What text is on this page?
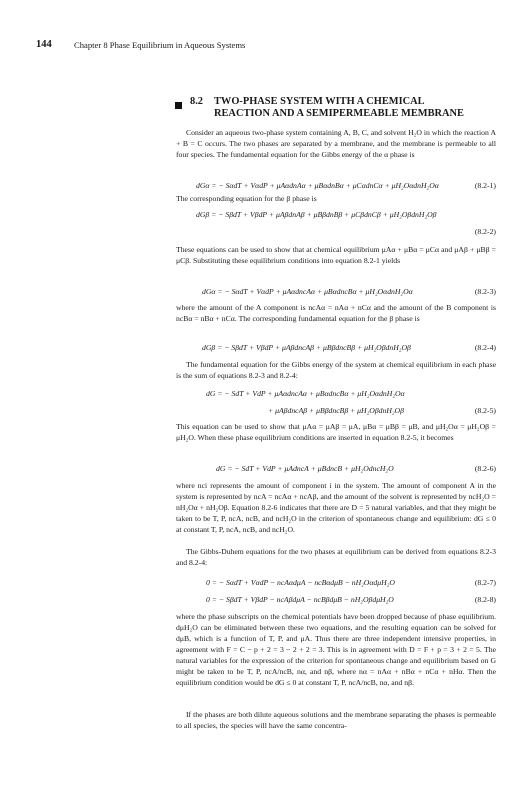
144	Chapter 8 Phase Equilibrium in Aqueous Systems
8.2 TWO-PHASE SYSTEM WITH A CHEMICAL
REACTION AND A SEMIPERMEABLE MEMBRANE

Consider an aqueous two-phase system containing A, B, C, and solvent H₂O in which the reaction A + B = C occurs. The two phases are separated by a membrane, and the membrane is permeable to all four species. The fundamental equation for the Gibbs energy of the α phase is

dGα = − SαdT + VαdP + μAαdnAα + μBαdnBα + μCαdnCα + μH₂OαdnH₂Oα	(8.2-1)

The corresponding equation for the β phase is

dGβ = − SβdT + VβdP + μAβdnAβ + μBβdnBβ + μCβdnCβ + μH₂OβdnH₂Oβ
(8.2-2)

These equations can be used to show that at chemical equilibrium μAα + μBα = μCα and μAβ + μBβ = μCβ. Substituting these equilibrium conditions into equation 8.2-1 yields

dGα = − SαdT + VαdP + μAαdncAα + μBαdncBα + μH₂OαdnH₂Oα	(8.2-3)

where the amount of the A component is ncAα = nAα + nCα and the amount of the B component is ncBα = nBα + nCα. The corresponding fundamental equation for the β phase is

dGβ = − SβdT + VβdP + μAβdncAβ + μBβdncBβ + μH₂OβdnH₂Oβ	(8.2-4)

The fundamental equation for the Gibbs energy of the system at chemical equilibrium in each phase is the sum of equations 8.2-3 and 8.2-4:

dG = − SdT + VdP + μAαdncAα + μBαdncBα + μH₂OαdnH₂Oα
+ μAβdncAβ + μBβdncBβ + μH₂OβdnH₂Oβ	(8.2-5)

This equation can be used to show that μAα = μAβ = μA, μBα = μBβ = μB, and μH₂Oα = μH₂Oβ = μH₂O. When these phase equilibrium conditions are inserted in equation 8.2-5, it becomes

dG = − SdT + VdP + μAdncA + μBdncB + μH₂OdncH₂O	(8.2-6)

where nci represents the amount of component i in the system. The amount of component A in the system is represented by ncA = ncAα + ncAβ, and the amount of the solvent is represented by ncH₂O = nH₂Oα + nH₂Oβ. Equation 8.2-6 indicates that there are D = 5 natural variables, and that they might be taken to be T, P, ncA, ncB, and ncH₂O in the criterion of spontaneous change and equilibrium: dG ≤ 0 at constant T, P, ncA, ncB, and ncH₂O.

The Gibbs-Duhem equations for the two phases at equilibrium can be derived from equations 8.2-3 and 8.2-4:

0 = − SαdT + VαdP − ncAαdμA − ncBαdμB − nH₂OαdμH₂O	(8.2-7)
0 = − SβdT + VβdP − ncAβdμA − ncBβdμB − nH₂OβdμH₂O	(8.2-8)

where the phase subscripts on the chemical potentials have been dropped because of phase equilibrium. dμH₂O can be eliminated between these two equations, and the resulting equation can be solved for dμB, which is a function of T, P, and μA. Thus there are three independent intensive properties, in agreement with F = C − p + 2 = 3 − 2 + 2 = 3. This is in agreement with D = F + p = 3 + 2 = 5. The natural variables for the expression of the criterion for spontaneous change and equilibrium based on G might be taken to be T, P, ncA/ncB, nα, and nβ, where nα = nAα + nBα + nCα + nHα. Then the equilibrium condition would be dG ≤ 0 at constant T, P, ncA/ncB, nα, and nβ.

If the phases are both dilute aqueous solutions and the membrane separating the phases is permeable to all species, the species will have the same concentra-
